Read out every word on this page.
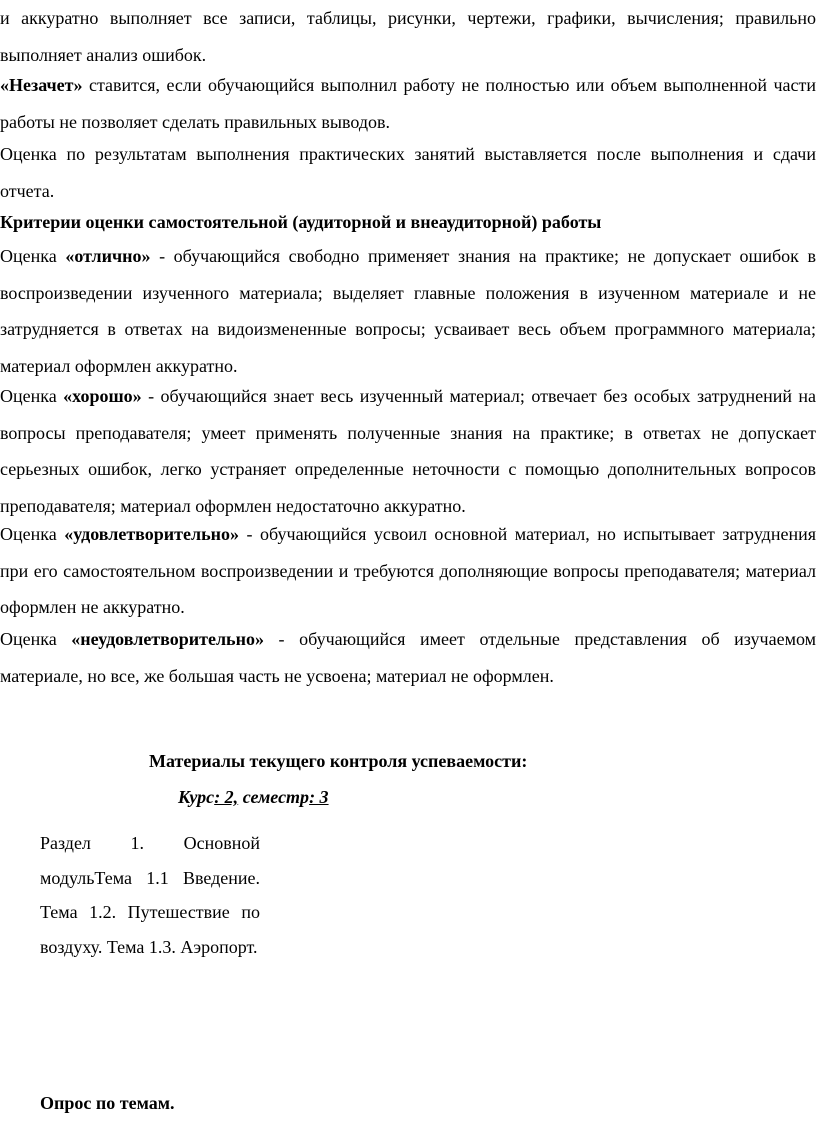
и аккуратно выполняет все записи, таблицы, рисунки, чертежи, графики, вычисления; правильно выполняет анализ ошибок.

«Незачет» ставится, если обучающийся выполнил работу не полностью или объем выполненной части работы не позволяет сделать правильных выводов.

Оценка по результатам выполнения практических занятий выставляется после выполнения и сдачи отчета.

Критерии оценки самостоятельной (аудиторной и внеаудиторной) работы

Оценка «отлично» - обучающийся свободно применяет знания на практике; не допускает ошибок в воспроизведении изученного материала; выделяет главные положения в изученном материале и не затрудняется в ответах на видоизмененные вопросы; усваивает весь объем программного материала; материал оформлен аккуратно.

Оценка «хорошо» - обучающийся знает весь изученный материал; отвечает без особых затруднений на вопросы преподавателя; умеет применять полученные знания на практике; в ответах не допускает серьезных ошибок, легко устраняет определенные неточности с помощью дополнительных вопросов преподавателя; материал оформлен недостаточно аккуратно.

Оценка «удовлетворительно» - обучающийся усвоил основной материал, но испытывает затруднения при его самостоятельном воспроизведении и требуются дополняющие вопросы преподавателя; материал оформлен не аккуратно.

Оценка «неудовлетворительно» - обучающийся имеет отдельные представления об изучаемом материале, но все, же большая часть не усвоена; материал не оформлен.

Материалы текущего контроля успеваемости:

Курс: 2, семестр: 3

Раздел 1. Основной модульТема 1.1 Введение. Тема 1.2. Путешествие по воздуху. Тема 1.3. Аэропорт.

Опрос по темам.
